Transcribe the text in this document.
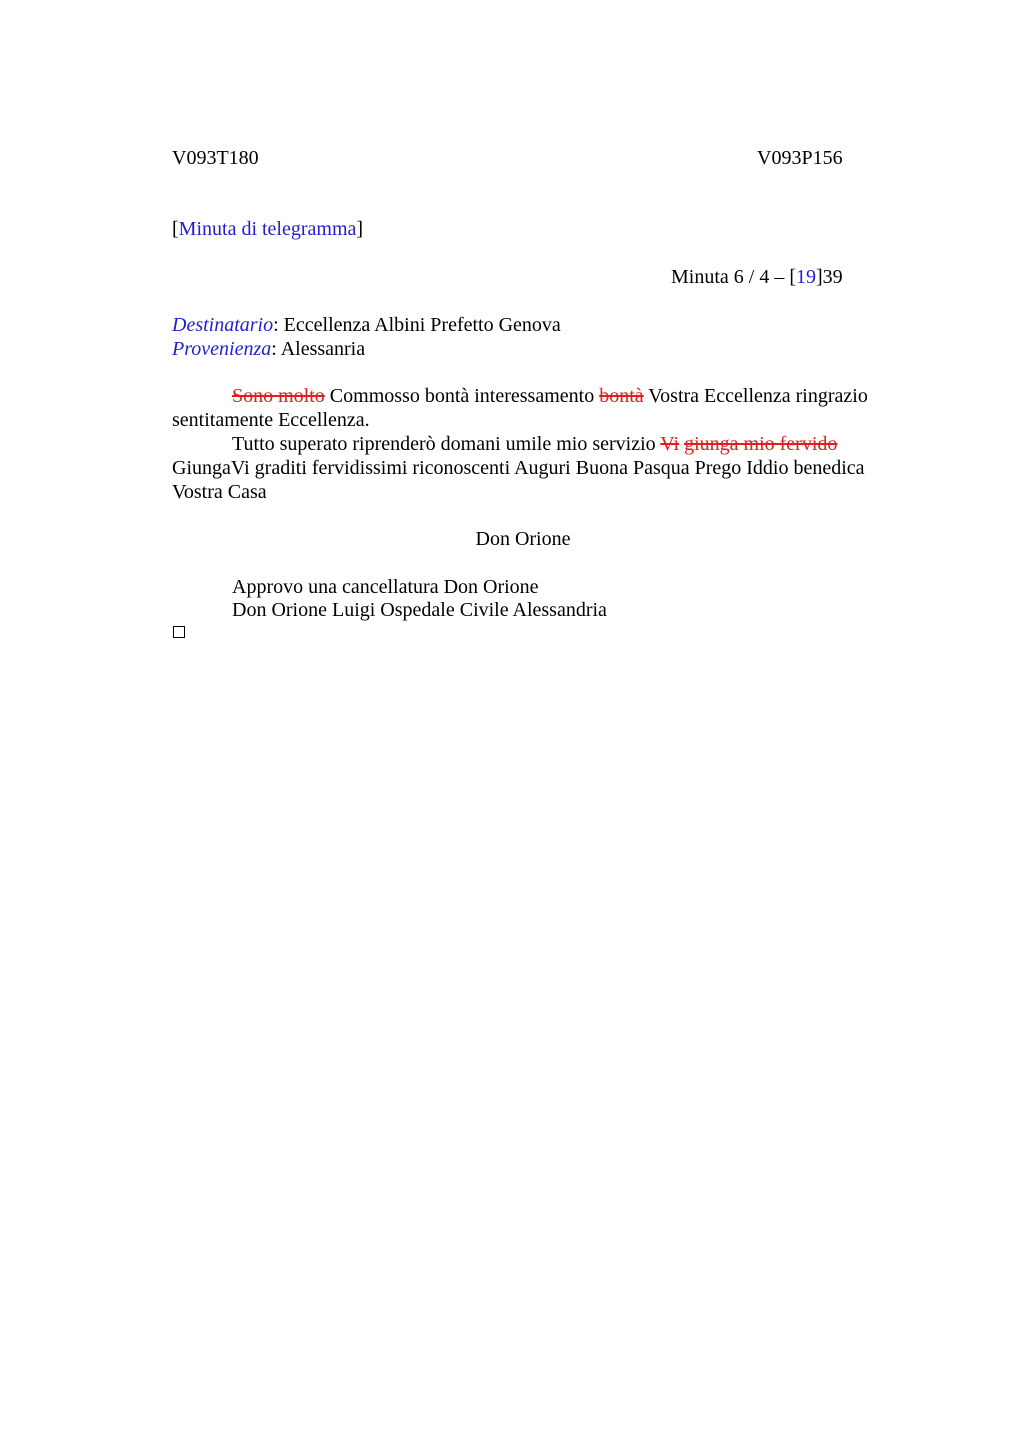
V093T180	V093P156
[Minuta di telegramma]
Minuta 6 / 4 – [19]39
Destinatario: Eccellenza Albini Prefetto Genova
Provenienza: Alessanria

Sono molto Commosso bontà interessamento bontà Vostra Eccellenza ringrazio sentitamente Eccellenza.

Tutto superato riprenderò domani umile mio servizio Vi giunga mio fervido GiungaVi graditi fervidissimi riconoscenti Auguri Buona Pasqua Prego Iddio benedica Vostra Casa

Don Orione
Approvo una cancellatura Don Orione
Don Orione Luigi Ospedale Civile Alessandria
